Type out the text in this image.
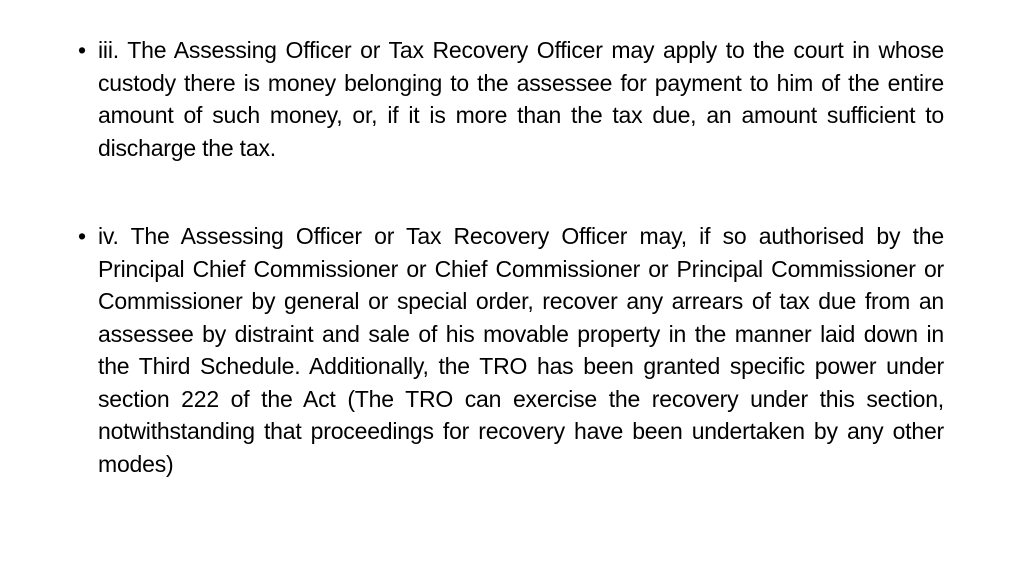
• iii. The Assessing Officer or Tax Recovery Officer may apply to the court in whose custody there is money belonging to the assessee for payment to him of the entire amount of such money, or, if it is more than the tax due, an amount sufficient to discharge the tax.
• iv. The Assessing Officer or Tax Recovery Officer may, if so authorised by the Principal Chief Commissioner or Chief Commissioner or Principal Commissioner or Commissioner by general or special order, recover any arrears of tax due from an assessee by distraint and sale of his movable property in the manner laid down in the Third Schedule. Additionally, the TRO has been granted specific power under section 222 of the Act (The TRO can exercise the recovery under this section, notwithstanding that proceedings for recovery have been undertaken by any other modes)
